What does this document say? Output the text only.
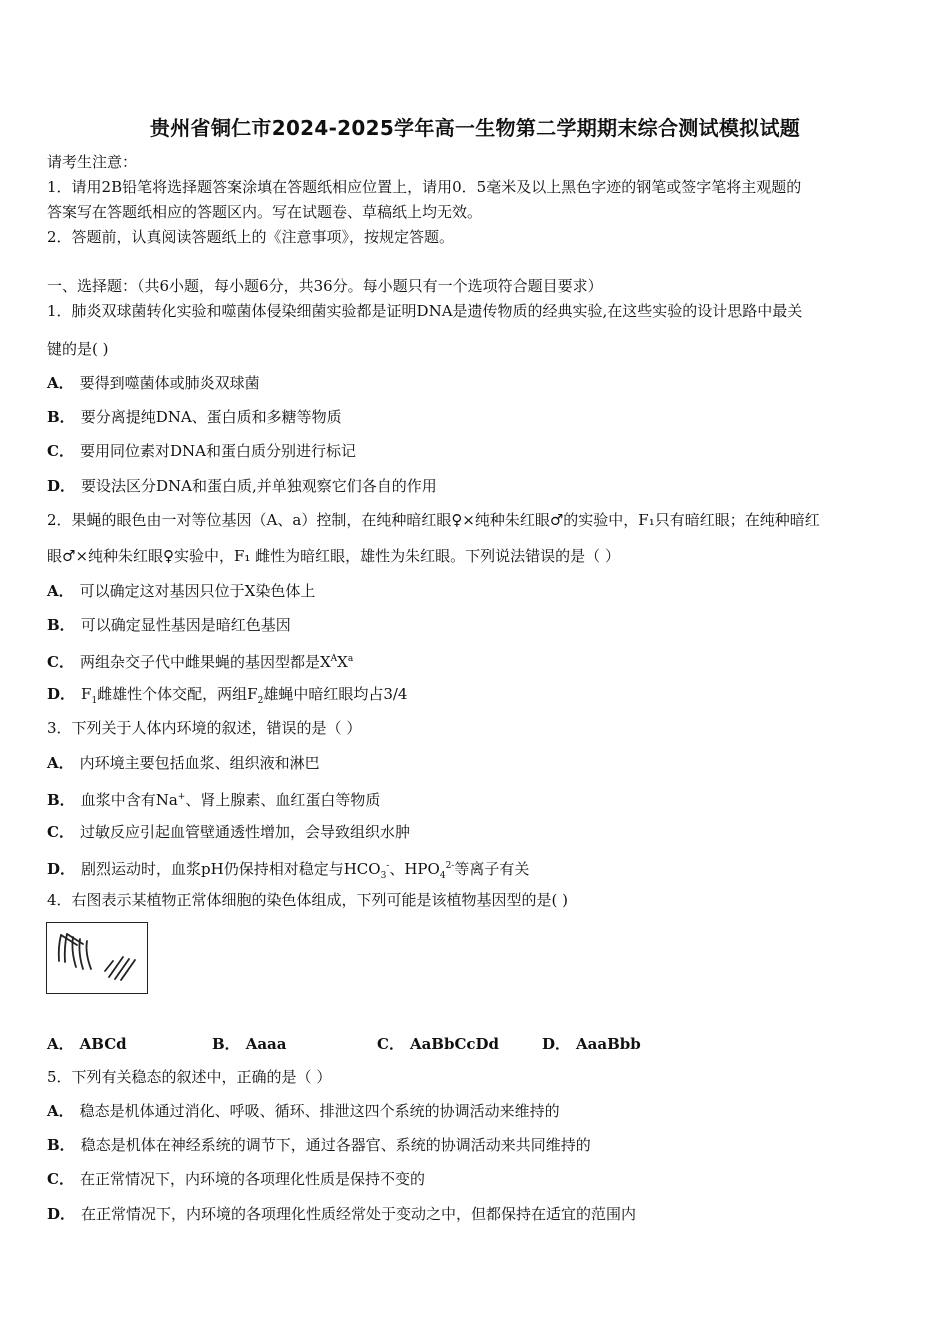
贵州省铜仁市2024-2025学年高一生物第二学期期末综合测试模拟试题
请考生注意：
1．请用2B铅笔将选择题答案涂填在答题纸相应位置上，请用0．5毫米及以上黑色字迹的钢笔或签字笔将主观题的
答案写在答题纸相应的答题区内。写在试题卷、草稿纸上均无效。
2．答题前，认真阅读答题纸上的《注意事项》，按规定答题。
一、选择题：（共6小题，每小题6分，共36分。每小题只有一个选项符合题目要求）
1．肺炎双球菌转化实验和噬菌体侵染细菌实验都是证明DNA是遗传物质的经典实验,在这些实验的设计思路中最关
键的是( )
A． 要得到噬菌体或肺炎双球菌
B． 要分离提纯DNA、蛋白质和多糖等物质
C． 要用同位素对DNA和蛋白质分别进行标记
D． 要设法区分DNA和蛋白质,并单独观察它们各自的作用
2．果蝇的眼色由一对等位基因（A、a）控制，在纯种暗红眼♀×纯种朱红眼♂的实验中，F₁只有暗红眼；在纯种暗红
眼♂×纯种朱红眼♀实验中，F₁ 雌性为暗红眼，雄性为朱红眼。下列说法错误的是（ ）
A． 可以确定这对基因只位于X染色体上
B． 可以确定显性基因是暗红色基因
C． 两组杂交子代中雌果蝇的基因型都是$X^AX^a$
D． $F_1$雌雄性个体交配，两组$F_2$雄蝇中暗红眼均占3/4
3．下列关于人体内环境的叙述，错误的是（ ）
A． 内环境主要包括血浆、组织液和淋巴
B． 血浆中含有Na+、肾上腺素、血红蛋白等物质
C． 过敏反应引起血管壁通透性增加，会导致组织水肿
D． 剧烈运动时，血浆pH仍保持相对稳定与$HCO_3^-$、$HPO_4^{2-}$等离子有关
4．右图表示某植物正常体细胞的染色体组成，下列可能是该植物基因型的是( )
A． ABCd	B． Aaaa	C． AaBbCcDd	D． AaaBbb
5．下列有关稳态的叙述中，正确的是（ ）
A． 稳态是机体通过消化、呼吸、循环、排泄这四个系统的协调活动来维持的
B． 稳态是机体在神经系统的调节下，通过各器官、系统的协调活动来共同维持的
C． 在正常情况下，内环境的各项理化性质是保持不变的
D． 在正常情况下，内环境的各项理化性质经常处于变动之中，但都保持在适宜的范围内
